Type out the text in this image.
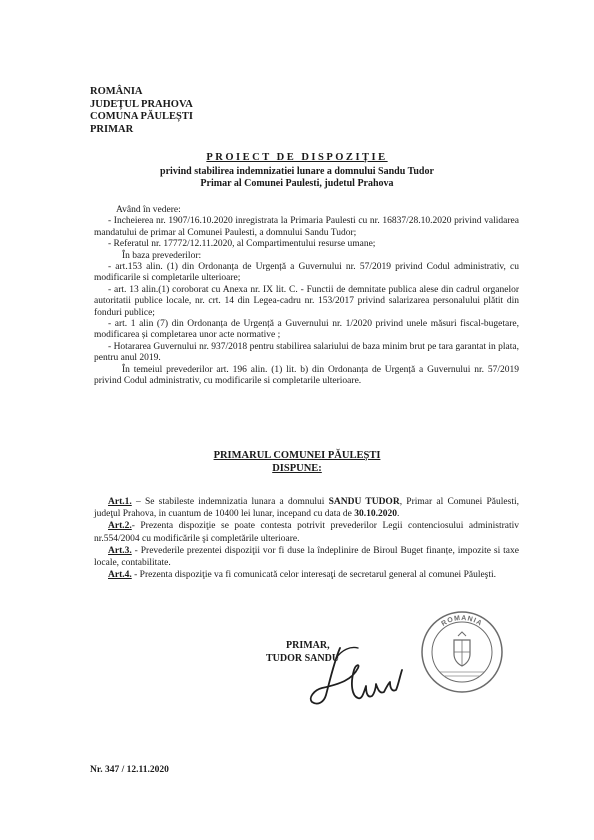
ROMÂNIA
JUDEȚUL PRAHOVA
COMUNA PĂULEȘTI
PRIMAR
PROIECT DE DISPOZIȚIE
privind stabilirea indemnizatiei lunare a domnului Sandu Tudor
Primar al Comunei Paulesti, judetul Prahova

Având în vedere:

- Incheierea nr. 1907/16.10.2020 inregistrata la Primaria Paulesti cu nr. 16837/28.10.2020 privind validarea mandatului de primar al Comunei Paulesti, a domnului Sandu Tudor;

- Referatul nr. 17772/12.11.2020, al Compartimentului resurse umane;

În baza prevederilor:

- art.153 alin. (1) din Ordonanța de Urgență a Guvernului nr. 57/2019 privind Codul administrativ, cu modificarile si completarile ulterioare;

- art. 13 alin.(1) coroborat cu Anexa nr. IX lit. C. - Functii de demnitate publica alese din cadrul organelor autoritatii publice locale, nr. crt. 14 din Legea-cadru nr. 153/2017 privind salarizarea personalului plătit din fonduri publice;

- art. 1 alin (7) din Ordonanța de Urgență a Guvernului nr. 1/2020 privind unele măsuri fiscal-bugetare, modificarea și completarea unor acte normative ;

- Hotararea Guvernului nr. 937/2018 pentru stabilirea salariului de baza minim brut pe tara garantat in plata, pentru anul 2019.

În temeiul prevederilor art. 196 alin. (1) lit. b) din Ordonanța de Urgență a Guvernului nr. 57/2019 privind Codul administrativ, cu modificarile si completarile ulterioare.

PRIMARUL COMUNEI PĂULEȘTI
DISPUNE:

Art.1. – Se stabileste indemnizatia lunara a domnului SANDU TUDOR, Primar al Comunei Păulesti, judeţul Prahova, in cuantum de 10400 lei lunar, incepand cu data de 30.10.2020.

Art.2.- Prezenta dispoziţie se poate contesta potrivit prevederilor Legii contenciosului administrativ nr.554/2004 cu modificările şi completările ulterioare.

Art.3. - Prevederile prezentei dispoziţii vor fi duse la îndeplinire de Biroul Buget finanțe, impozite si taxe locale, contabilitate.

Art.4. - Prezenta dispoziţie va fi comunicată celor interesaţi de secretarul general al comunei Păuleşti.

PRIMAR,
TUDOR SANDU
ROMANIA
Nr. 347 / 12.11.2020
